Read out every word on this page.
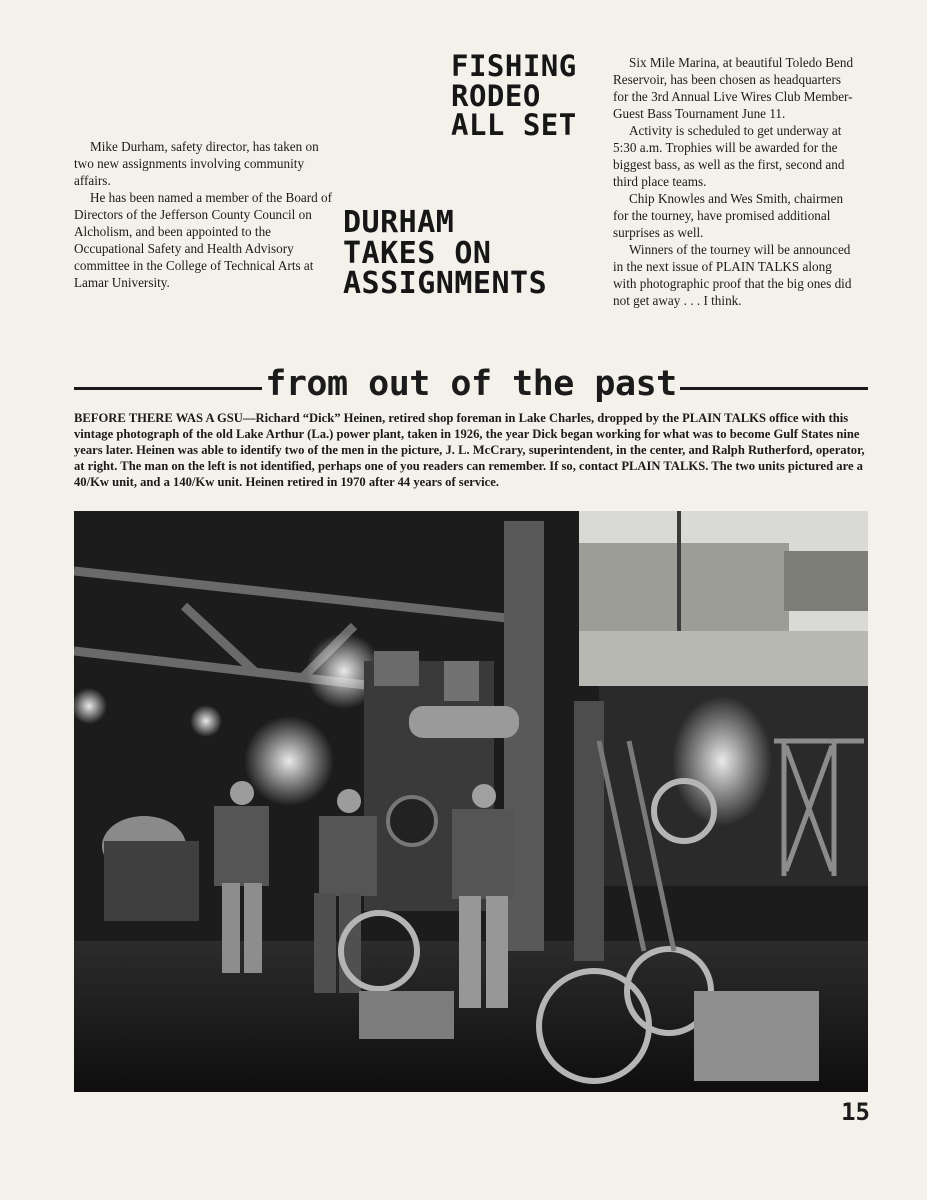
FISHING
RODEO
ALL SET
DURHAM
TAKES ON
ASSIGNMENTS

Mike Durham, safety director, has taken on two new assignments involving community affairs.

He has been named a member of the Board of Directors of the Jefferson County Council on Alcholism, and been appointed to the Occupational Safety and Health Advisory committee in the College of Technical Arts at Lamar University.

Six Mile Marina, at beautiful Toledo Bend Reservoir, has been chosen as headquarters for the 3rd Annual Live Wires Club Member-Guest Bass Tournament June 11.

Activity is scheduled to get underway at 5:30 a.m. Trophies will be awarded for the biggest bass, as well as the first, second and third place teams.

Chip Knowles and Wes Smith, chairmen for the tourney, have promised additional surprises as well.

Winners of the tourney will be announced in the next issue of PLAIN TALKS along with photographic proof that the big ones did not get away . . . I think.

from out of the past
BEFORE THERE WAS A GSU—Richard “Dick” Heinen, retired shop foreman in Lake Charles, dropped by the PLAIN TALKS office with this vintage photograph of the old Lake Arthur (La.) power plant, taken in 1926, the year Dick began working for what was to become Gulf States nine years later. Heinen was able to identify two of the men in the picture, J. L. McCrary, superintendent, in the center, and Ralph Rutherford, operator, at right. The man on the left is not identified, perhaps one of you readers can remember. If so, contact PLAIN TALKS. The two units pictured are a 40/Kw unit, and a 140/Kw unit. Heinen retired in 1970 after 44 years of service.
15
